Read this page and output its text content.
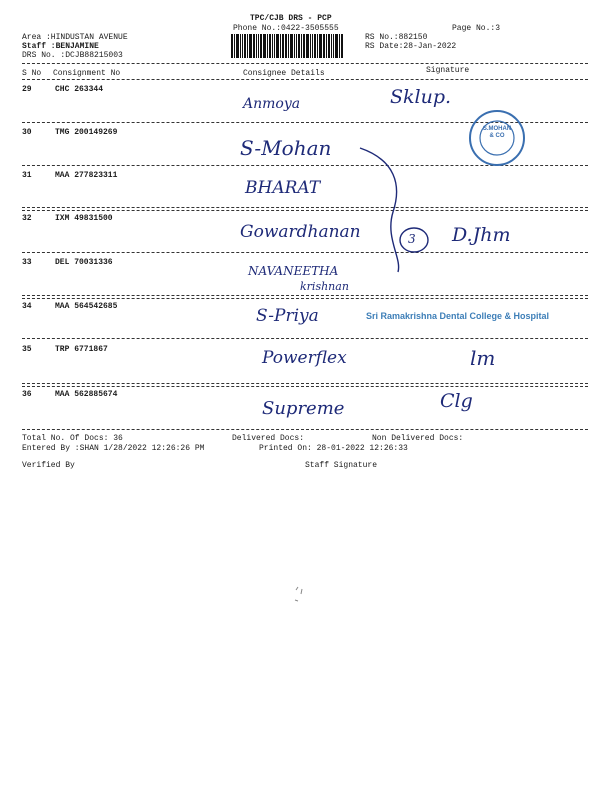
TPC/CJB DRS - PCP
Phone No.:0422-3505555	Page No.:3
Area :HINDUSTAN AVENUE
Staff :BENJAMINE
DRS No. :DCJB88215003
RS No.:882150
RS Date:28-Jan-2022
S No Consignment No	Consignee Details	Signature
29	CHC 263344
Anmoya	Sklup.
30	TMG 200149269
S-Mohan
31	MAA 277823311
BHARAT
32	IXM 49831500
Gowardhanan	D.Jhm
33	DEL 70031336
NAVANEETHA
krishnan
34	MAA 564542685	S-Priya	Sri Ramakrishna Dental College & Hospital
35	TRP 6771867	Powerflex	lm
36	MAA 562885674
Supreme	Clg
S.MOHAN & CO
3
Total No. Of Docs: 36	Delivered Docs:	Non Delivered Docs:
Entered By :SHAN 1/28/2022 12:26:26 PM	Printed On: 28-01-2022 12:26:33
Verified By	Staff Signature
